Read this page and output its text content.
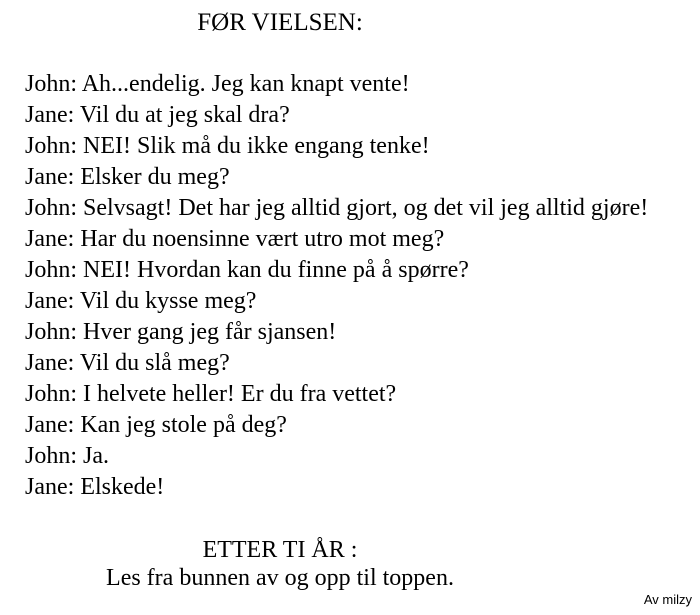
FØR VIELSEN:
John: Ah...endelig. Jeg kan knapt vente!
Jane: Vil du at jeg skal dra?
John: NEI! Slik må du ikke engang tenke!
Jane: Elsker du meg?
John: Selvsagt! Det har jeg alltid gjort, og det vil jeg alltid gjøre!
Jane: Har du noensinne vært utro mot meg?
John: NEI! Hvordan kan du finne på å spørre?
Jane: Vil du kysse meg?
John: Hver gang jeg får sjansen!
Jane: Vil du slå meg?
John: I helvete heller! Er du fra vettet?
Jane: Kan jeg stole på deg?
John: Ja.
Jane: Elskede!
ETTER TI ÅR :

Les fra bunnen av og opp til toppen.

Av milzy
